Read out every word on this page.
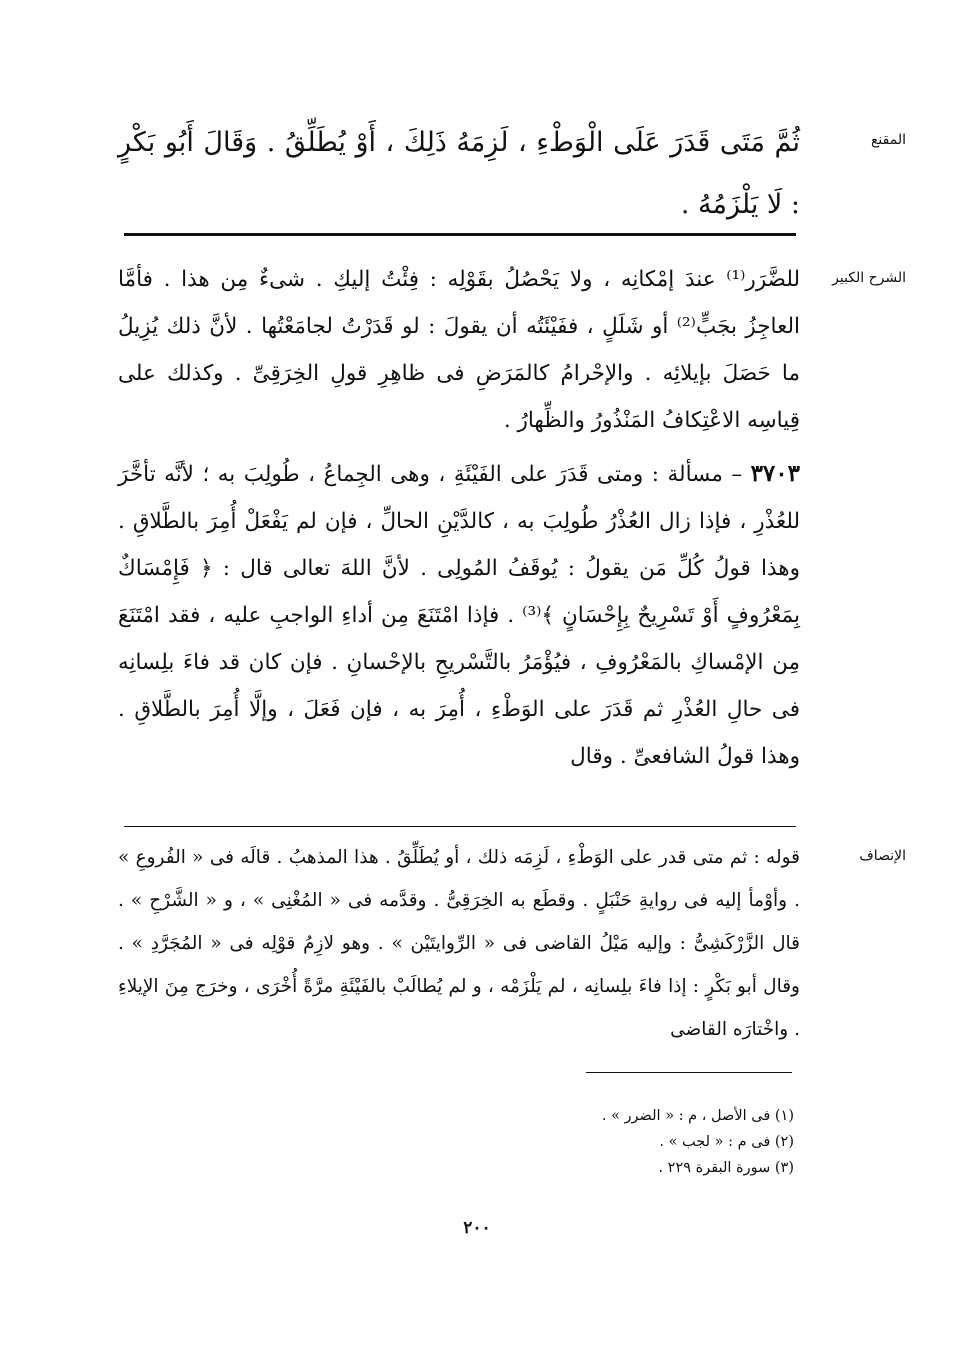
المقنع

ثُمَّ مَتَى قَدَرَ عَلَى الْوَطْءِ ، لَزِمَهُ ذَلِكَ ، أَوْ يُطَلِّقُ . وَقَالَ أَبُو بَكْرٍ : لَا يَلْزَمُهُ .

الشرح الكبير

للضَّرَر⁽¹⁾ عندَ إمْكانِه ، ولا يَحْصُلُ بقَوْلِه : فِئْتُ إليكِ . شىءٌ مِن هذا . فأمَّا العاجِزُ بجَبٍّ⁽²⁾ أو شَلَلٍ ، ففَيْئَتُه أن يقولَ : لو قَدَرْتُ لجامَعْتُها . لأنَّ ذلك يُزِيلُ ما حَصَلَ بإيلائِه . والإحْرامُ كالمَرَضِ فى ظاهِرِ قولِ الخِرَقِىِّ . وكذلك على قِياسِه الاعْتِكافُ المَنْذُورُ والظِّهارُ .

٣٧٠٣ – مسألة : ومتى قَدَرَ على الفَيْئَةِ ، وهى الجِماعُ ، طُولِبَ به ؛ لأنَّه تأخَّرَ للعُذْرِ ، فإذا زال العُذْرُ طُولِبَ به ، كالدَّيْنِ الحالِّ ، فإن لم يَفْعَلْ أُمِرَ بالطَّلاقِ . وهذا قولُ كُلِّ مَن يقولُ : يُوقَفُ المُولِى . لأنَّ اللهَ تعالى قال : ﴿ فَإِمْسَاكٌ بِمَعْرُوفٍ أَوْ تَسْرِيحٌ بِإِحْسَانٍ ﴾⁽³⁾ . فإذا امْتَنَعَ مِن أداءِ الواجبِ عليه ، فقد امْتَنَعَ مِن الإمْساكِ بالمَعْرُوفِ ، فيُؤْمَرُ بالتَّسْريحِ بالإحْسانِ . فإن كان قد فاءَ بلِسانِه فى حالِ العُذْرِ ثم قَدَرَ على الوَطْءِ ، أُمِرَ به ، فإن فَعَلَ ، وإلَّا أُمِرَ بالطَّلاقِ . وهذا قولُ الشافعىِّ . وقال

الإنصاف

قوله : ثم متى قدر على الوَطْءِ ، لَزِمَه ذلك ، أو يُطَلِّقُ . هذا المذهبُ . قالَه فى « الفُروعِ » . وأوْمأ إليه فى روايةِ حَنْبَلٍ . وقطَع به الخِرَقِىُّ . وقدَّمه فى « المُغْنِى » ، و « الشَّرْحِ » . قال الزَّرْكَشِىُّ : وإليه مَيْلُ القاضى فى « الرِّوايتَيْن » . وهو لازِمُ قوْلِه فى « المُجَرَّدِ » . وقال أبو بَكْرٍ : إذا فاءَ بلِسانِه ، لم يَلْزَمْه ، و لم يُطالَبْ بالفَيْئَةِ مرَّةً أُخْرَى ، وخرَج مِنَ الإيلاءِ . واخْتارَه القاضى

(١) فى الأصل ، م : « الضرر » .
(٢) فى م : « لجب » .
(٣) سورة البقرة ٢٢٩ .
٢٠٠
